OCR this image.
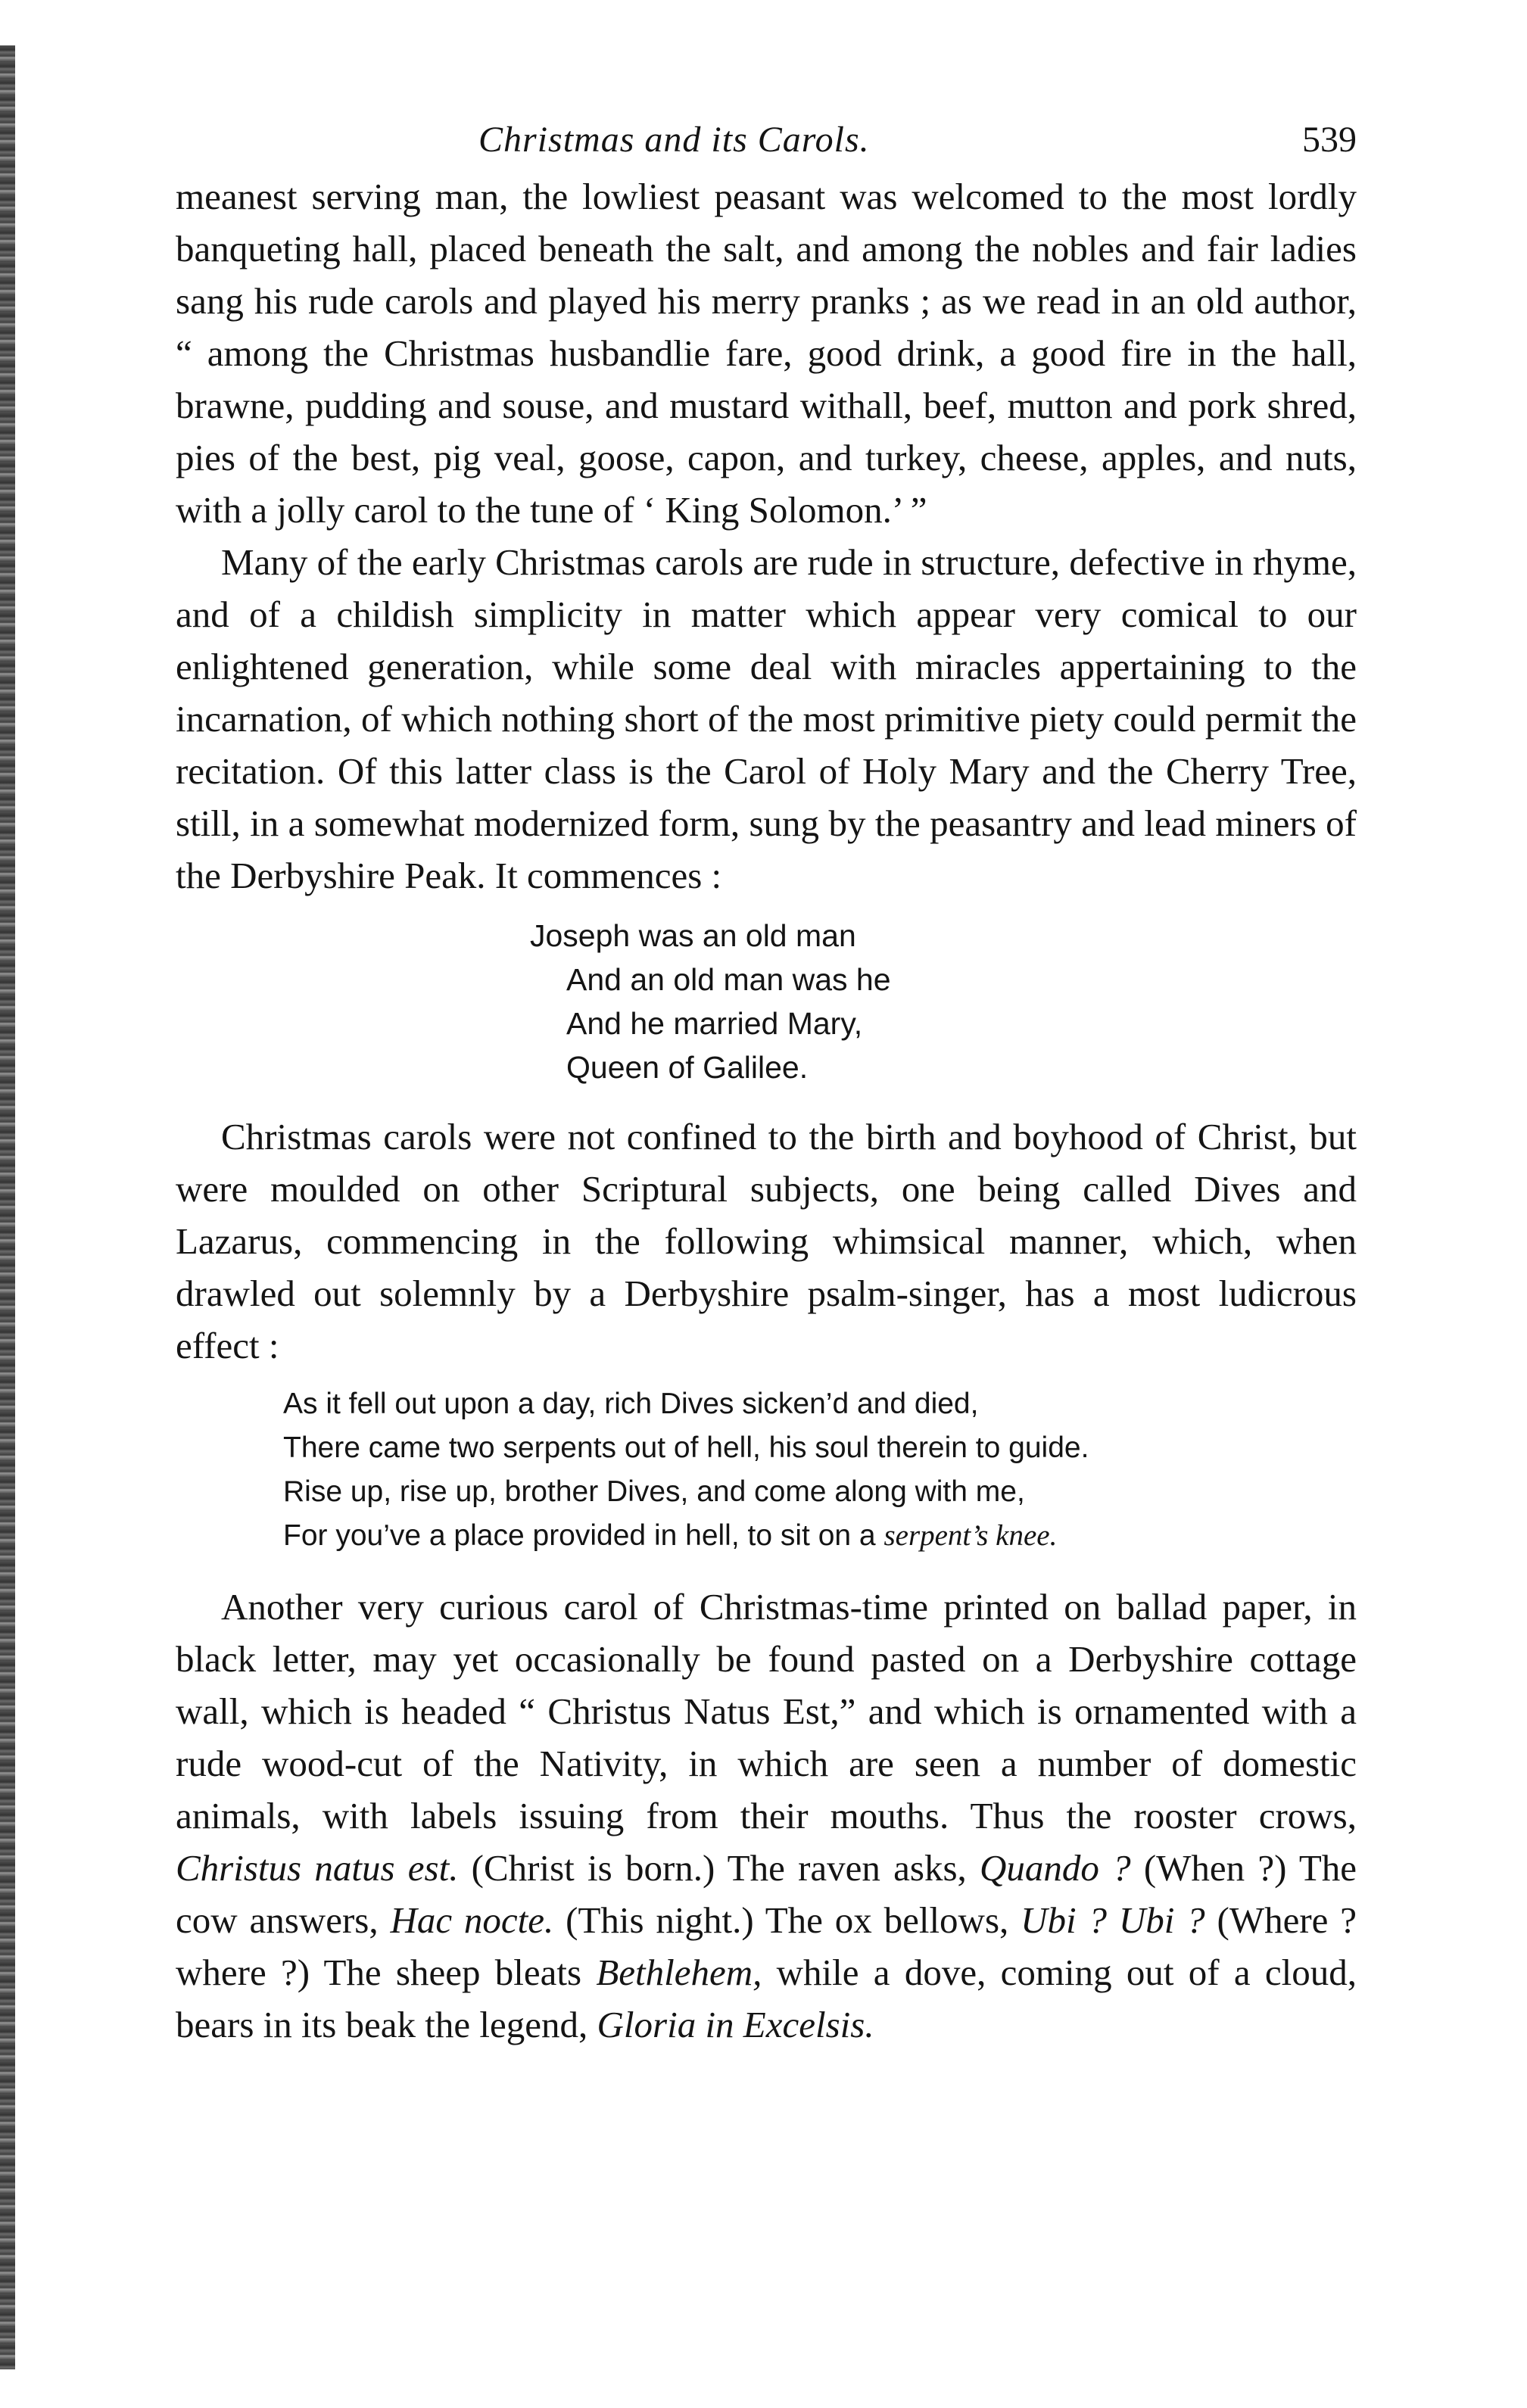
Christmas and its Carols.	539

meanest serving man, the lowliest peasant was welcomed to the most lordly banqueting hall, placed beneath the salt, and among the nobles and fair ladies sang his rude carols and played his merry pranks ; as we read in an old author, “ among the Christmas husbandlie fare, good drink, a good fire in the hall, brawne, pudding and souse, and mustard withall, beef, mutton and pork shred, pies of the best, pig veal, goose, capon, and turkey, cheese, apples, and nuts, with a jolly carol to the tune of ‘ King Solomon.’ ”

Many of the early Christmas carols are rude in structure, defective in rhyme, and of a childish simplicity in matter which appear very comical to our enlightened generation, while some deal with miracles appertaining to the incarnation, of which nothing short of the most primitive piety could permit the recitation. Of this latter class is the Carol of Holy Mary and the Cherry Tree, still, in a somewhat modernized form, sung by the peasantry and lead miners of the Derbyshire Peak. It commences :

Joseph was an old man
And an old man was he
And he married Mary,
Queen of Galilee.

Christmas carols were not confined to the birth and boyhood of Christ, but were moulded on other Scriptural subjects, one being called Dives and Lazarus, commencing in the following whimsical manner, which, when drawled out solemnly by a Derbyshire psalm-singer, has a most ludicrous effect :

As it fell out upon a day, rich Dives sicken’d and died,
There came two serpents out of hell, his soul therein to guide.
Rise up, rise up, brother Dives, and come along with me,
For you’ve a place provided in hell, to sit on a serpent’s knee.

Another very curious carol of Christmas-time printed on ballad paper, in black letter, may yet occasionally be found pasted on a Derbyshire cottage wall, which is headed “ Christus Natus Est,” and which is ornamented with a rude wood-cut of the Nativity, in which are seen a number of domestic animals, with labels issuing from their mouths. Thus the rooster crows, Christus natus est. (Christ is born.) The raven asks, Quando ? (When ?) The cow answers, Hac nocte. (This night.) The ox bellows, Ubi ? Ubi ? (Where ? where ?) The sheep bleats Bethlehem, while a dove, coming out of a cloud, bears in its beak the legend, Gloria in Excelsis.
